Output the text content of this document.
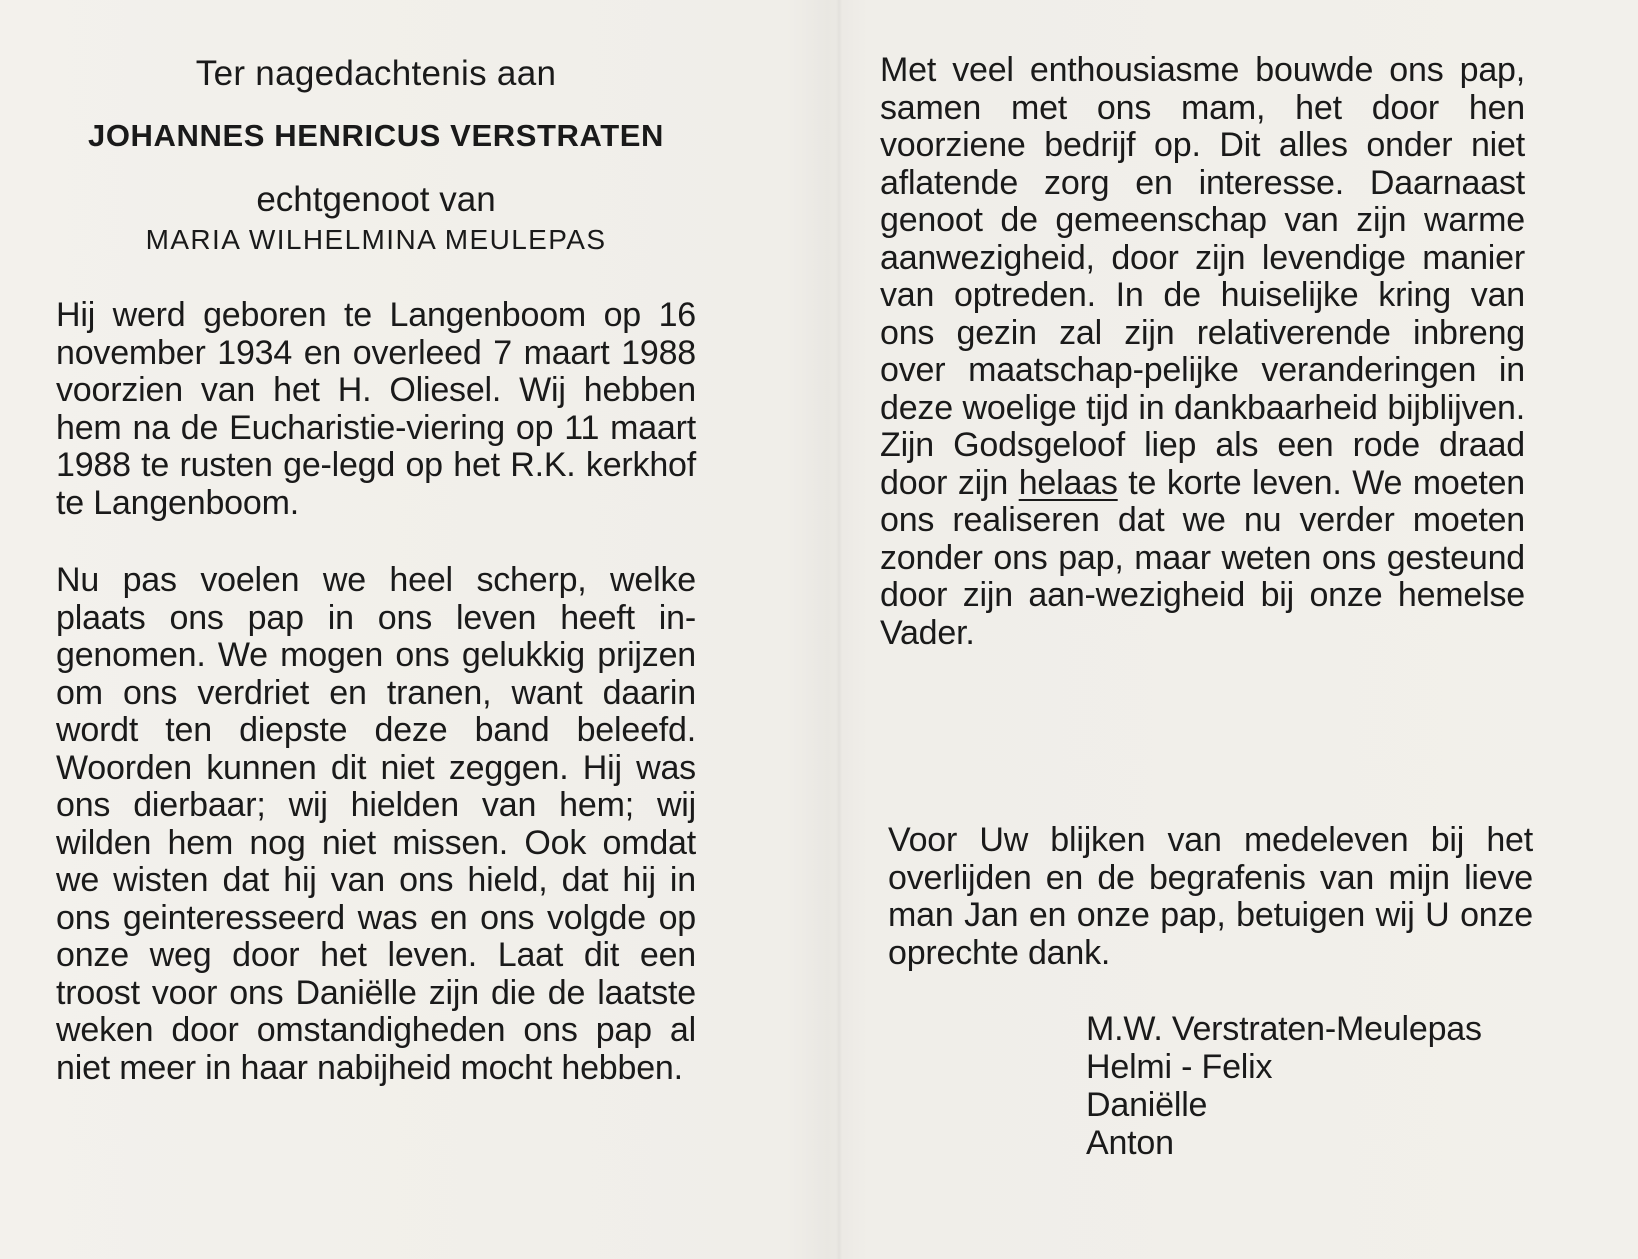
Ter nagedachtenis aan
JOHANNES HENRICUS VERSTRATEN
echtgenoot van
MARIA WILHELMINA MEULEPAS

Hij werd geboren te Langenboom op 16 november 1934 en overleed 7 maart 1988 voorzien van het H. Oliesel. Wij hebben hem na de Eucharistie-viering op 11 maart 1988 te rusten ge-legd op het R.K. kerkhof te Langenboom.

Nu pas voelen we heel scherp, welke plaats ons pap in ons leven heeft in-genomen. We mogen ons gelukkig prijzen om ons verdriet en tranen, want daarin wordt ten diepste deze band beleefd. Woorden kunnen dit niet zeggen. Hij was ons dierbaar; wij hielden van hem; wij wilden hem nog niet missen. Ook omdat we wisten dat hij van ons hield, dat hij in ons geinteresseerd was en ons volgde op onze weg door het leven. Laat dit een troost voor ons Daniëlle zijn die de laatste weken door omstandigheden ons pap al niet meer in haar nabijheid mocht hebben.

Met veel enthousiasme bouwde ons pap, samen met ons mam, het door hen voorziene bedrijf op. Dit alles onder niet aflatende zorg en interesse. Daarnaast genoot de gemeenschap van zijn warme aanwezigheid, door zijn levendige manier van optreden. In de huiselijke kring van ons gezin zal zijn relativerende inbreng over maatschap-pelijke veranderingen in deze woelige tijd in dankbaarheid bijblijven. Zijn Godsgeloof liep als een rode draad door zijn helaas te korte leven. We moeten ons realiseren dat we nu verder moeten zonder ons pap, maar weten ons gesteund door zijn aan-wezigheid bij onze hemelse Vader.

Voor Uw blijken van medeleven bij het overlijden en de begrafenis van mijn lieve man Jan en onze pap, betuigen wij U onze oprechte dank.

M.W. Verstraten-Meulepas
Helmi - Felix
Daniëlle
Anton
